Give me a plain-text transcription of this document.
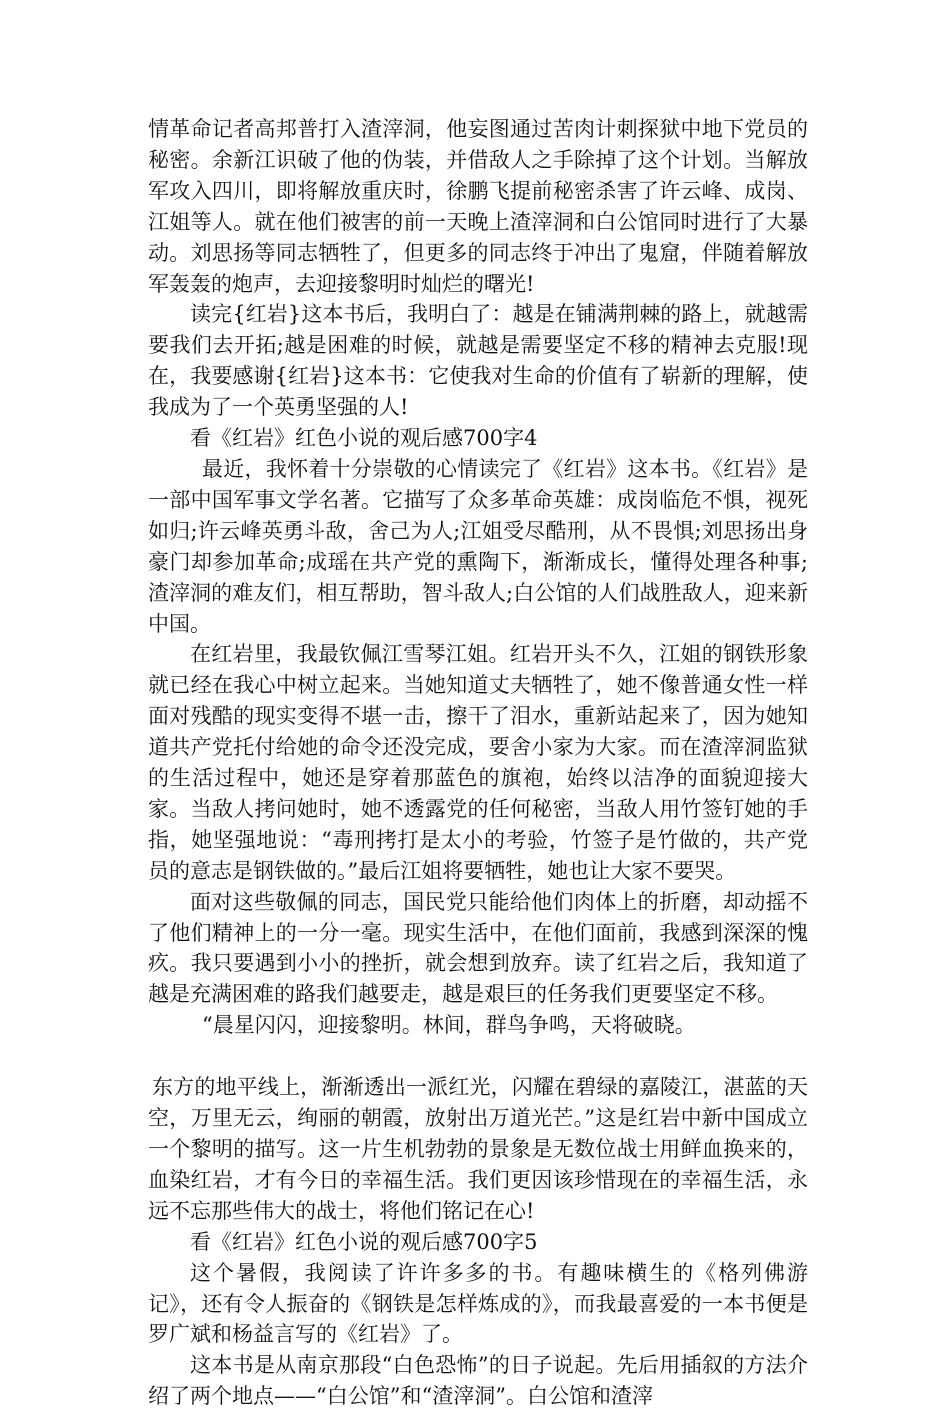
情革命记者高邦普打入渣滓洞，他妄图通过苦肉计刺探狱中地下党员的秘密。余新江识破了他的伪装，并借敌人之手除掉了这个计划。当解放军攻入四川，即将解放重庆时，徐鹏飞提前秘密杀害了许云峰、成岗、江姐等人。就在他们被害的前一天晚上渣滓洞和白公馆同时进行了大暴动。刘思扬等同志牺牲了，但更多的同志终于冲出了鬼窟，伴随着解放军轰轰的炮声，去迎接黎明时灿烂的曙光!

读完{红岩}这本书后，我明白了：越是在铺满荆棘的路上，就越需要我们去开拓;越是困难的时候，就越是需要坚定不移的精神去克服!现在，我要感谢{红岩}这本书：它使我对生命的价值有了崭新的理解，使我成为了一个英勇坚强的人!

看《红岩》红色小说的观后感700字4

最近，我怀着十分崇敬的心情读完了《红岩》这本书。《红岩》是一部中国军事文学名著。它描写了众多革命英雄：成岗临危不惧，视死如归;许云峰英勇斗敌，舍己为人;江姐受尽酷刑，从不畏惧;刘思扬出身豪门却参加革命;成瑶在共产党的熏陶下，渐渐成长，懂得处理各种事;渣滓洞的难友们，相互帮助，智斗敌人;白公馆的人们战胜敌人，迎来新中国。

在红岩里，我最钦佩江雪琴江姐。红岩开头不久，江姐的钢铁形象就已经在我心中树立起来。当她知道丈夫牺牲了，她不像普通女性一样面对残酷的现实变得不堪一击，擦干了泪水，重新站起来了，因为她知道共产党托付给她的命令还没完成，要舍小家为大家。而在渣滓洞监狱的生活过程中，她还是穿着那蓝色的旗袍，始终以洁净的面貌迎接大家。当敌人拷问她时，她不透露党的任何秘密，当敌人用竹签钉她的手指，她坚强地说：“毒刑拷打是太小的考验，竹签子是竹做的，共产党员的意志是钢铁做的。”最后江姐将要牺牲，她也让大家不要哭。

面对这些敬佩的同志，国民党只能给他们肉体上的折磨，却动摇不了他们精神上的一分一毫。现实生活中，在他们面前，我感到深深的愧疚。我只要遇到小小的挫折，就会想到放弃。读了红岩之后，我知道了越是充满困难的路我们越要走，越是艰巨的任务我们更要坚定不移。

“晨星闪闪，迎接黎明。林间，群鸟争鸣，天将破晓。

东方的地平线上，渐渐透出一派红光，闪耀在碧绿的嘉陵江，湛蓝的天空，万里无云，绚丽的朝霞，放射出万道光芒。”这是红岩中新中国成立一个黎明的描写。这一片生机勃勃的景象是无数位战士用鲜血换来的，血染红岩，才有今日的幸福生活。我们更因该珍惜现在的幸福生活，永远不忘那些伟大的战士，将他们铭记在心!

看《红岩》红色小说的观后感700字5

这个暑假，我阅读了许许多多的书。有趣味横生的《格列佛游记》，还有令人振奋的《钢铁是怎样炼成的》，而我最喜爱的一本书便是罗广斌和杨益言写的《红岩》了。

这本书是从南京那段“白色恐怖”的日子说起。先后用插叙的方法介绍了两个地点——“白公馆”和“渣滓洞”。白公馆和渣滓
